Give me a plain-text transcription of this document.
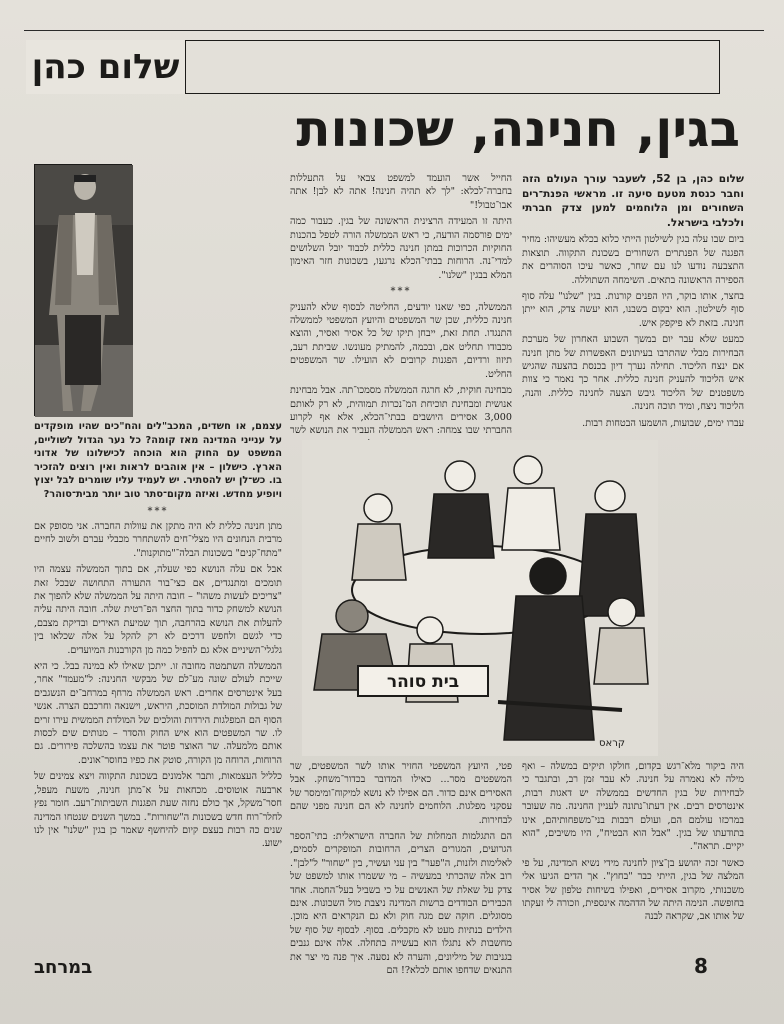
שלום כהן
בגין, חנינה, שכונות

שלום כהן, בן 52, לשעבר עורך העולם הזה וחבר כנסת מטעם סיעה זו. מראשי הפנת־רים השחורים ומן הלוחמים למען צדק חברתי ולכלבי בישראל.

ביום שבו עלה בגין לשילטון הייתי כלוא בכלא מעשיהו: מחיר הפגנה של הפנתרים השחורים בשכונת התקווה. תוצאות התצבעה נודעו לנו עם שחר, כאשר עיכו הסוהרים את הספירה הראשונה בתאים. השימחה השתוללה.

בחצר, אותו בוקר, היו הפנים קורנות. בגין "שלנו" עלה סוף סוף לשילטון. הוא יבקום בשבנו, הוא יעשה צדק, הוא ייתן חנינה. בזאת לא פיקפק איש.

כמעט שלא עבר יום במשך השבוע האחרון של מערכת הבחירות מבלי שהתרבו בעיתונים האפשרות של מתן חנינה אם ינצח הליכוד. תחילה נערך דיון בכנסת בהצעה שהגיש איש הליכוד להעניק חנינה כללית. אחר כך נאמר כי צוות משפטנים של הליכוד גיבש הצעה לחנינה כללית. והנה, הליכוד ניצח, ומיד תוכה חנינה.

עברו ימים, שבועות, הושמעו הבטחות רבות.

החייל אשר הועמד למשפט צבאי על התעללות בחברה־לכלא: "לך לא תהיה חנינה! אתה לא לבן! אתה אבו־טבול!"

היתה זו המעידה הרצינית הראשונה של בגין. כעבור כמה ימים פורסמה הודעה, כי ראש הממשלה הורה לטפל בהכנות החוקיות הכרוכות במתן חנינה כללית לכבוד יובל השלושים למדי־נה. הרוחות בבתי־הכלא נרגעו, בשכונות חזר האימון המלא בבגין "שלנו".

***

הממשלה, כפי שאנו יודעים, החליטה לבסוף שלא להעניק חנינה כללית, שכן שר המשפטים והיועץ המשפטי לממשלה התנגדו. תחת זאת, ייבחן תיקו של כל אסיר ואסיר, והוצא מכבודו תחליט אם, ובכמה, להמתיק מעונשו. שביתת רעב, תיזוז ורדיום, הפגנות קרובים לא הועילו. שר המשפטים החליט.

מבחינה חוקית, לא חרגה הממשלה מסמכו־תה. אבל מבחינת אנושית ומבחינת תוכיחת המ־נכרות תמוהית, לא רק לאותם 3,000 אסירים היושבים בבתי־הכלא, אלא אף לקרוע החברתי שבו צמחה: ראש הממשלה העביר את הנושא לשר

עצמם, או חשדים, המכב"לים והח"כים שהיו מופקדים על ענייני המדינה מאז קומה? כל נער הגדול לשוליים, המשפט עם החוק הוא הוכחה לכישלונו של אדוני הארץ. כישלון – אין אוהבים לראות ואין רוצים להזכיר בו. כש־לן יש להסתיר. יש לעמיד עליו שומרים לבל יצוץ ויופיע מחדש. ואיזה מקום־סתר טוב יותר מבית־סוהר?

***

מתן חנינה כללית לא היה מתקן את עוולות החברה. אני מסופק אם מרבית הנחונים היו מצלי־חים להשתחרר מכבלי עברם ולשוב לחיים "מתח־קנים" בשכונות הבלה־"מתוקנות".

אבל אם עלה הנושא כפי שעלה, אם בתוך הממשלה עצמה היו תומכים ומתנגדים, אם כצי־בור התעורה התחושה שבכל זאת "צריכים לעשות משהו" – חובה היתה על הממשלה שלא להפוך את הנושא למשחק כדור בתוך החצר הפ־רטית שלה. חובה היתה עליה להעלות את הנושא בהרחבה, תוך שמיעת האירים ובדיקת מצבם, כדי לגשם ולחפש דרכים לא רק להקל על אלה שכלאו בין גלגלי־השיניים אלא גם להפיל כמה מן הקורבנות המיועדים.

הממשלה השתמטה מחובה זו. ייתכן שאילו לא במינה בבל. כי היא שייכת לעולם שונה מע־לם של מבקשי החנינה: ל"מעמד" אחר, בעל אינטרסים אחרים. ראש הממשלה מרחף במרחב־ים הנשגבים של גבולות המולדת המוסכת, היראש, וישנאה וחרכבם הצרה. אנשי הסוף הם המפלגות הירדות והולכים של המולדת הממשית עירו זרים לו. שר המשפטים הוא איש החוק והסדר – מנותים שים לכסות אותם מלמעלה. שר האוצר פוטר את עצמו בהשלכה פירורים. גם הרוחות, הרוחה מן הקורה, סוטק את כפיו בחוסר־אונים.

כלליל העצמאות, ותבר אלמונים בשכונת התקווה ויצא צמינים של ארבעה אוטוסים. מכחאות על א־מתן חנינה, משעת מעפל, חסר־משקל, אך כולם נחזה שעת הפגנות השביתות־רעב. חומר נפץ לחלר־רוח חדש בשכונות ה"שחורות". במשך השנים שנטחו המדינה שנים כה רבות בעצם קיום להיחשף שאמר כן בגין "שלנו" אין לנו ישוע.

בית סוהר
קראס

פטי, היועץ המשפטי החזיר אותו לשר המשפטים, שר המשפטים מסר... כאילו המדובר בכדור־משחק. אבל האסירים אינם כדור. הם אפילו לא נושא למיקוח־ומימסר של עסקני מפלגות. הלוחמים לחנינה לא הם חנינה מפני שהם לבחירות.

הם התגלמות המחלות של החברה הישראלית: בתי־הספר הגרועים, המגורים הצרים, הרחובות המופקרים לסמים, לאלימות ולזנות, ה"פער" בין עני ועשיר, בין "שחור" ל"לבן". רוב אלה שהכרתי במעשיה – מי ששמרו אותו למשפט של צדק על שאלת של האנשים על כי בשביל בעל־החמה. אחד הכבירים הבודדים ברשות המדינה ניצבת מול השכונות. אינם מסוגלים. חוקה שם מגה חוק ולא גם הנקראים היא מוכן. הילדים בנתיות מעט לא מקבלים. בסוף. לבסוף של סוף של מחשבות לא נתגלו הוא בעשייה בתחלה. אלה אינם גנבים בגניבות של מיליונים, והערה לא נסעה. איך פנה מי יצר את התנאים שדחפו אותם לכלא?! הם

היה ביקור מלא־רגש בקדום, חולקו תיקים במשלה – ואף מילה לא נאמרה על חנינה. לא עבר זמן רב, ובתגבר כי לבחירות של בגין החדשים בממשלה יש דאגות רבות, אינטרסים רבים. אין דעתו־נתונה לעניין החנינה. מה שעובר במרכזו עולמם הם, ועולם רבבות בני־משפחותיהם, אינו בתודעתו של בגין. "אבל הוא הבטיח", היו משיבים, "הוא יקיים. תראה".

כאשר זכה יהושע בן־ציון לחנינה מידי נשיא המדינה, על פי המלצה של בגין, הייתי כבר "בחוץ". אך הדים הגיעו אלי משכנותי, מקרוב אסירים, ואפילו בשיחות טלפון של אסיר בחופשה. הנימה היתה של הדהמה אינספית, וזכורה לי זעקתו של אותו אב, שקראה לבנה

במרחב	8
